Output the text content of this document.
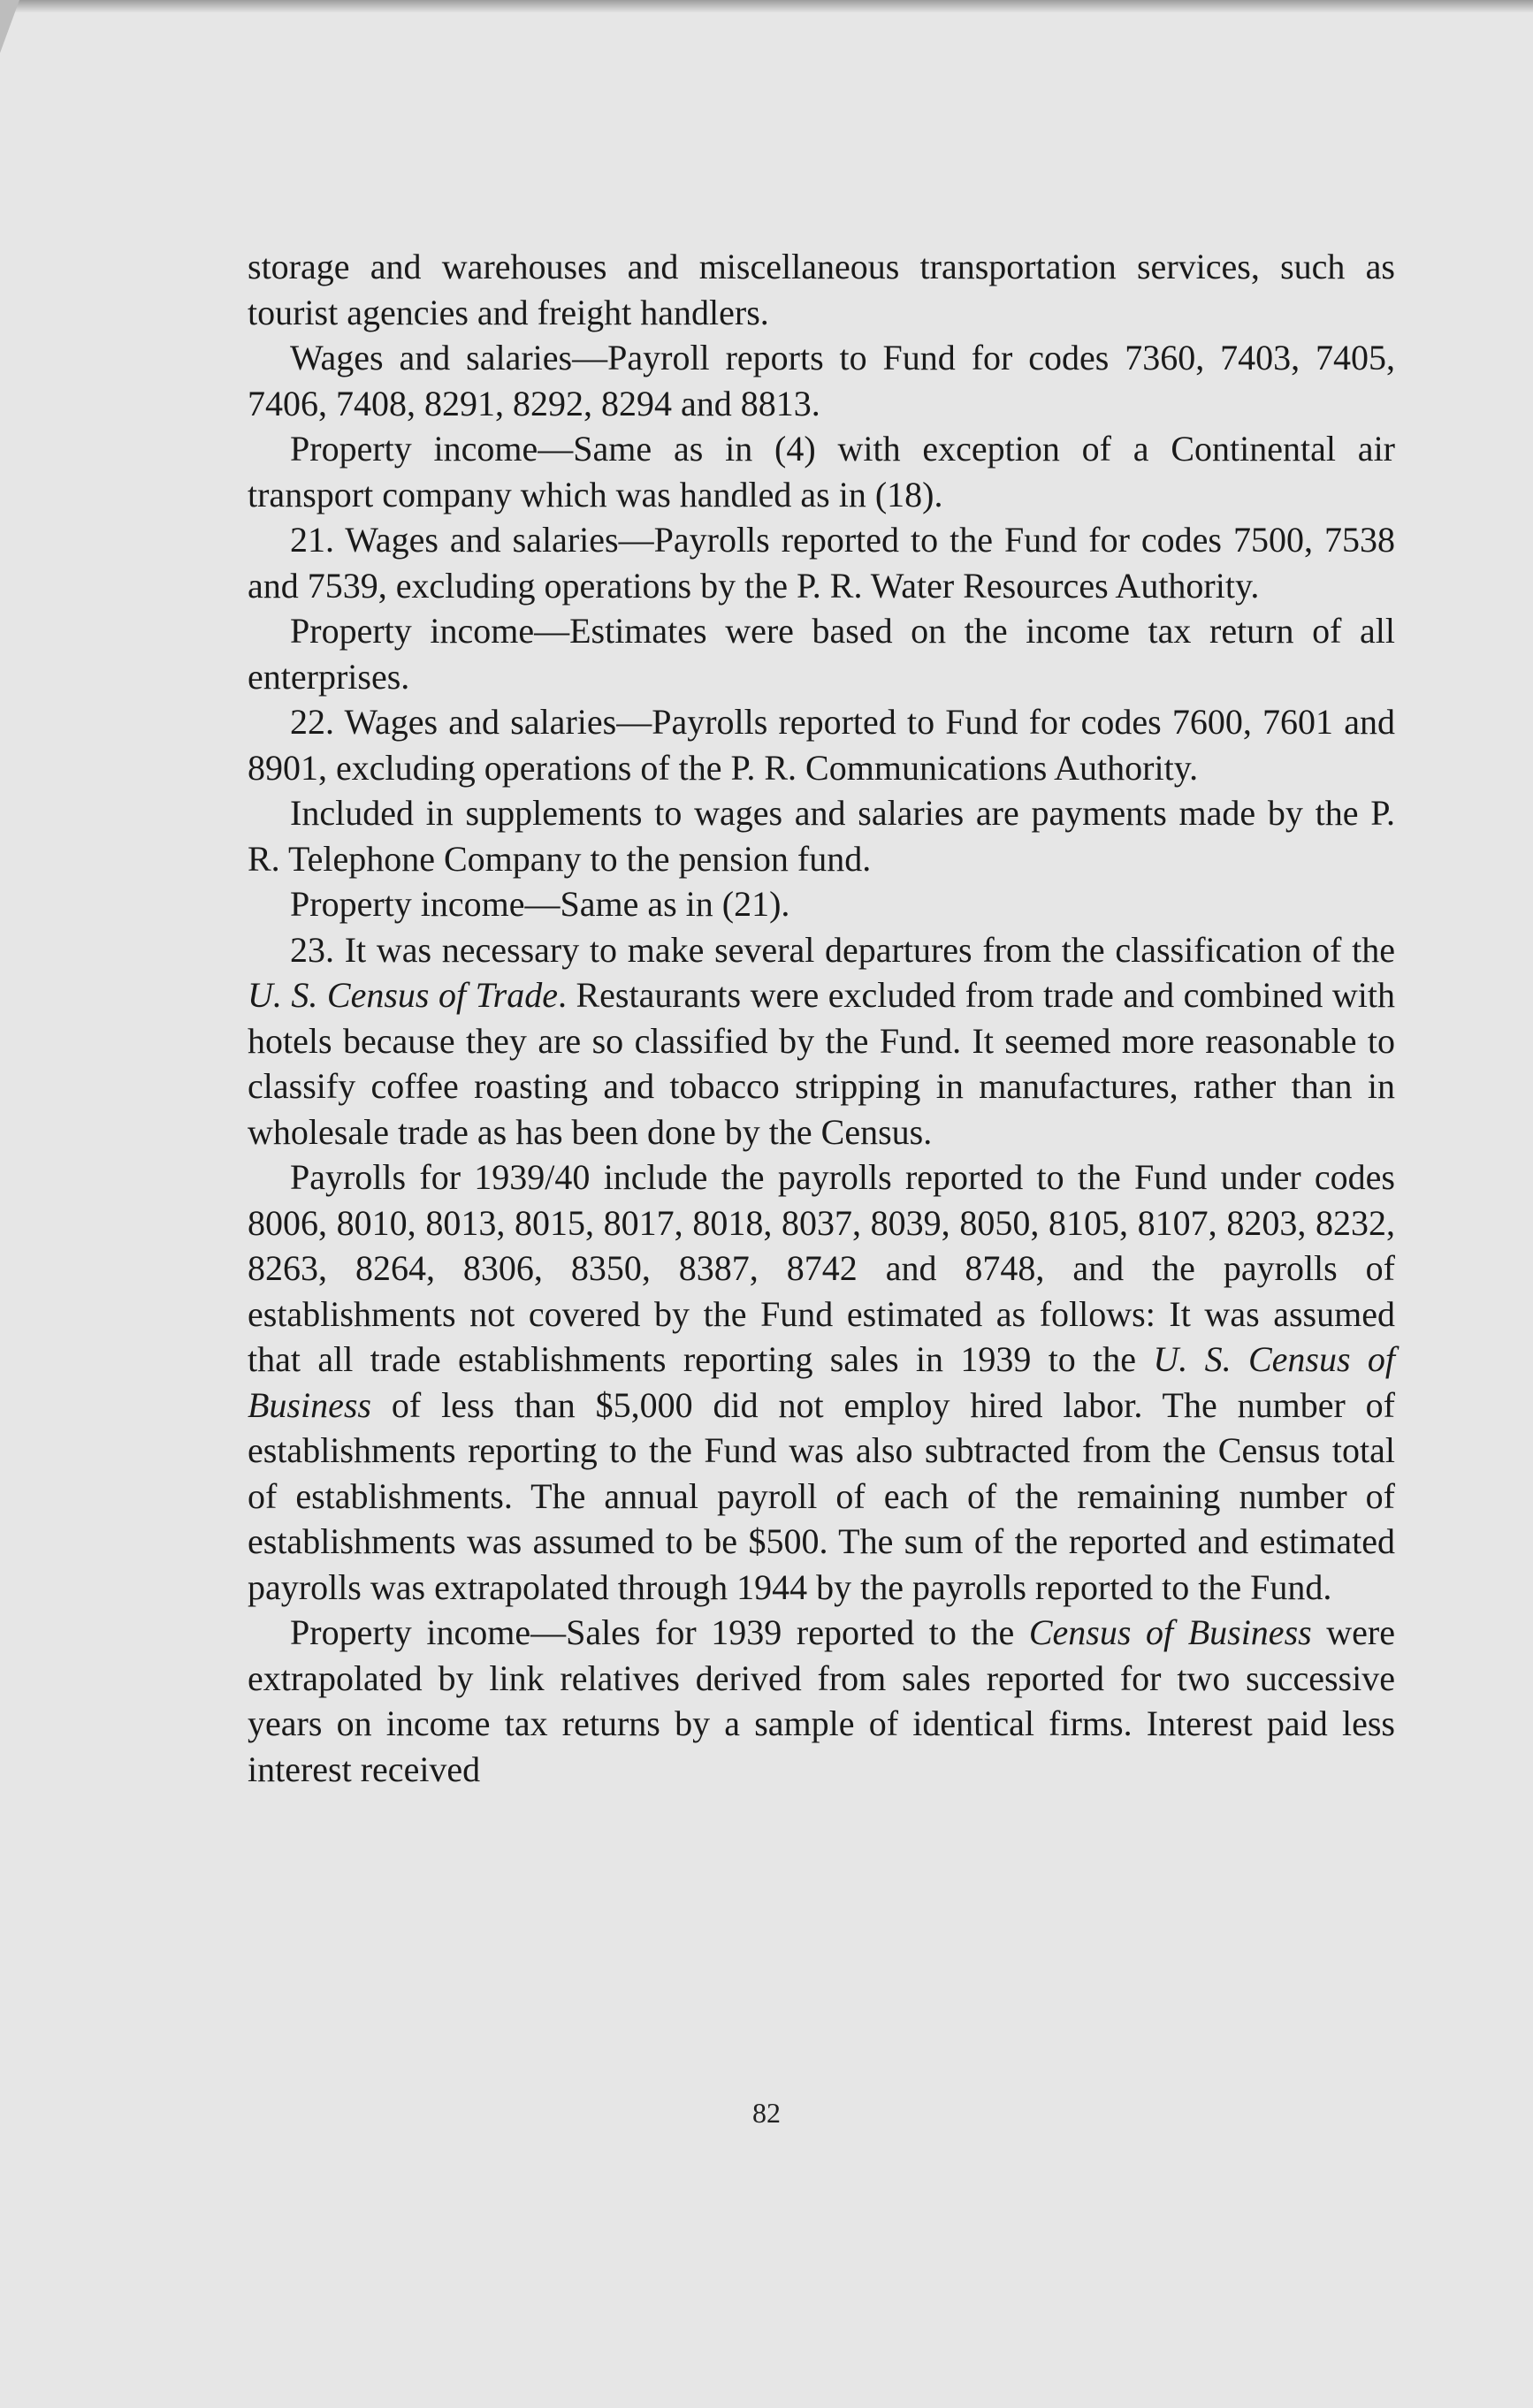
storage and warehouses and miscellaneous transportation services, such as tourist agencies and freight handlers.

Wages and salaries—Payroll reports to Fund for codes 7360, 7403, 7405, 7406, 7408, 8291, 8292, 8294 and 8813.

Property income—Same as in (4) with exception of a Continental air transport company which was handled as in (18).

21. Wages and salaries—Payrolls reported to the Fund for codes 7500, 7538 and 7539, excluding operations by the P. R. Water Resources Authority.

Property income—Estimates were based on the income tax return of all enterprises.

22. Wages and salaries—Payrolls reported to Fund for codes 7600, 7601 and 8901, excluding operations of the P. R. Communications Authority.

Included in supplements to wages and salaries are payments made by the P. R. Telephone Company to the pension fund.

Property income—Same as in (21).

23. It was necessary to make several departures from the classification of the U. S. Census of Trade. Restaurants were excluded from trade and combined with hotels because they are so classified by the Fund. It seemed more reasonable to classify coffee roasting and tobacco stripping in manufactures, rather than in wholesale trade as has been done by the Census.

Payrolls for 1939/40 include the payrolls reported to the Fund under codes 8006, 8010, 8013, 8015, 8017, 8018, 8037, 8039, 8050, 8105, 8107, 8203, 8232, 8263, 8264, 8306, 8350, 8387, 8742 and 8748, and the payrolls of establishments not covered by the Fund estimated as follows: It was assumed that all trade establishments reporting sales in 1939 to the U. S. Census of Business of less than $5,000 did not employ hired labor. The number of establishments reporting to the Fund was also subtracted from the Census total of establishments. The annual payroll of each of the remaining number of establishments was assumed to be $500. The sum of the reported and estimated payrolls was extrapolated through 1944 by the payrolls reported to the Fund.

Property income—Sales for 1939 reported to the Census of Business were extrapolated by link relatives derived from sales reported for two successive years on income tax returns by a sample of identical firms. Interest paid less interest received

82
